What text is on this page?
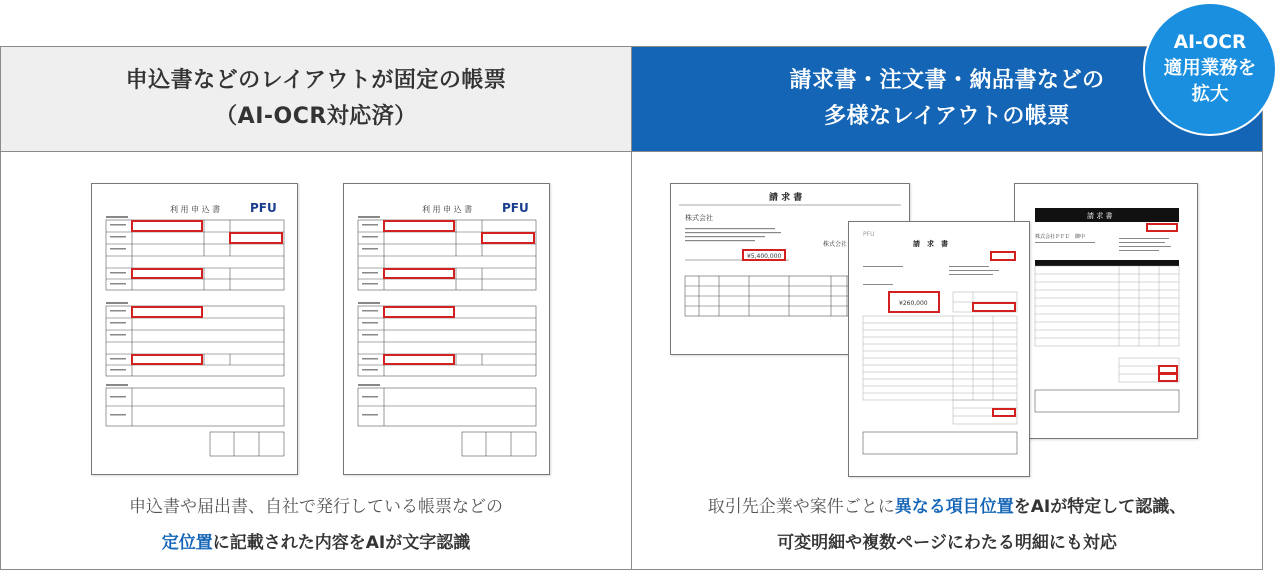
申込書などのレイアウトが固定の帳票
（AI-OCR対応済）
利 用 申 込 書 PFU	利 用 申 込 書 PFU
申込書や届出書、自社で発行している帳票などの
定位置に記載された内容をAIが文字認識
請求書・注文書・納品書などの
多様なレイアウトの帳票
請 求 書
株式会社
株式会社
¥5,400,000
請 求 書
株式会社ＰＦＵ　御中
請　求　書
PFU
¥260,000
取引先企業や案件ごとに異なる項目位置をAIが特定して認識、
可変明細や複数ページにわたる明細にも対応
AI-OCR
適用業務を
拡大
